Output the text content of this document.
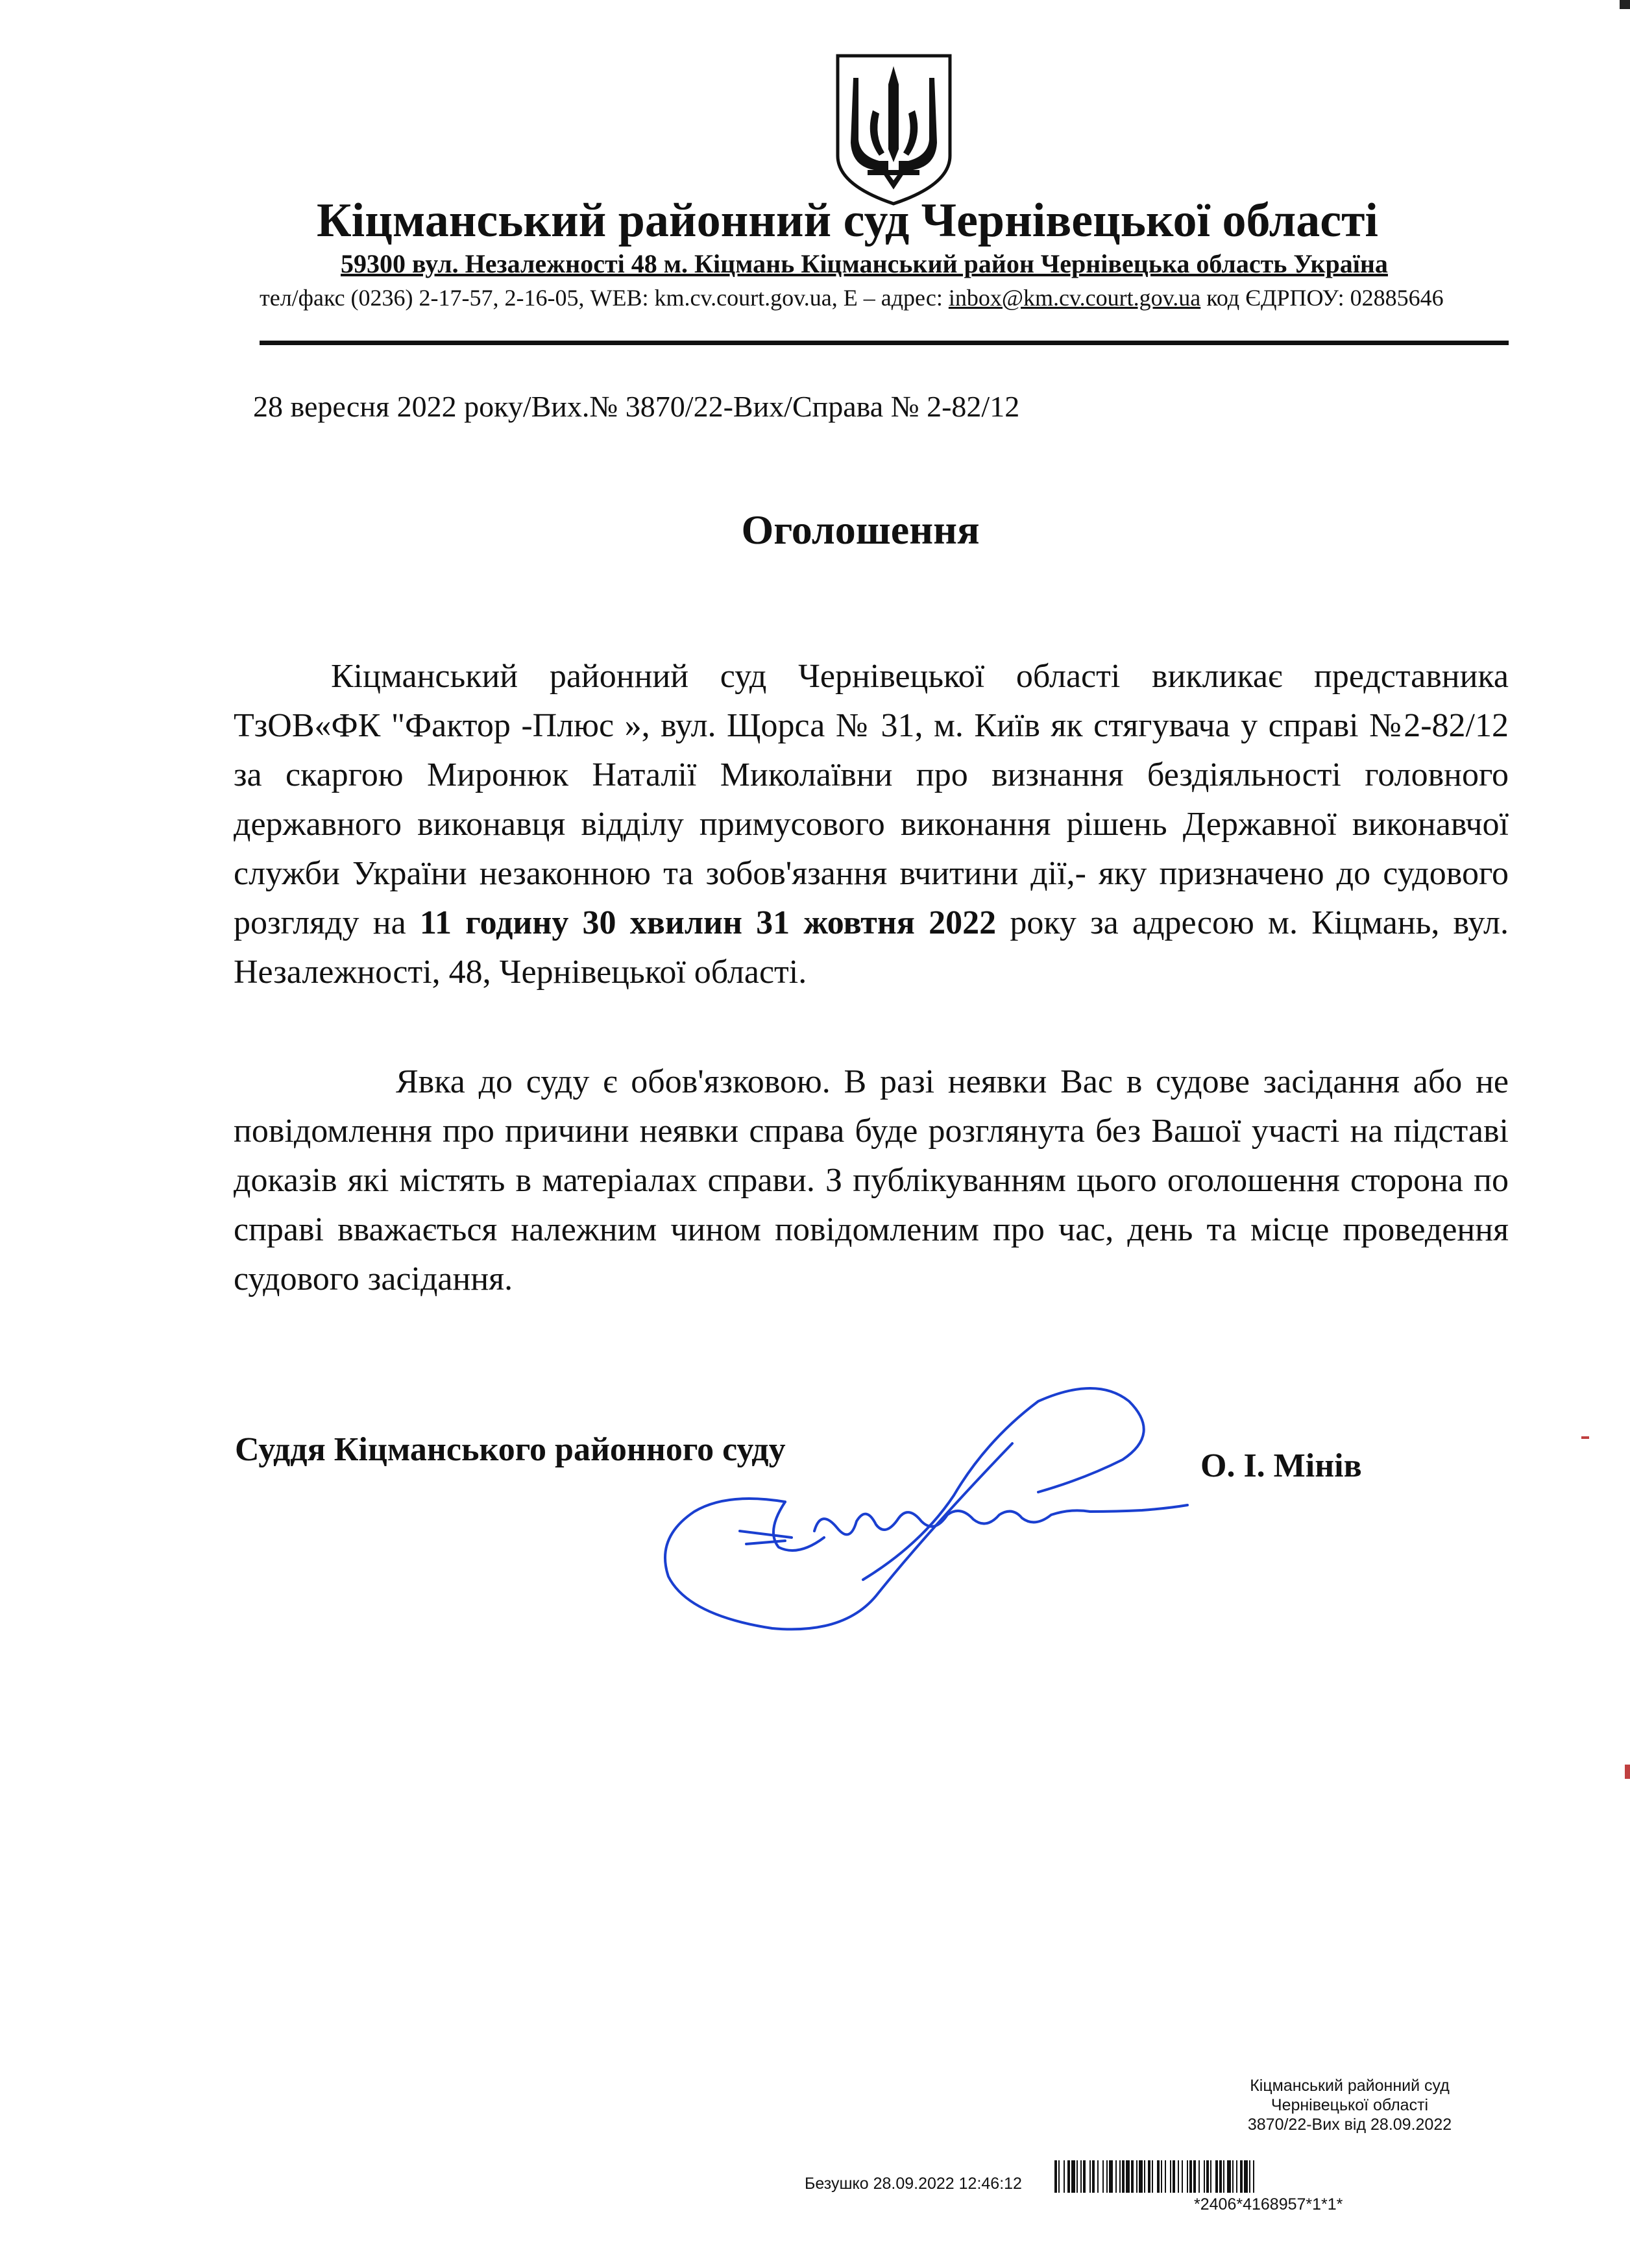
Кіцманський районний суд Чернівецької області
59300 вул. Незалежності 48 м. Кіцмань Кіцманський район Чернівецька область Україна
тел/факс (0236) 2-17-57, 2-16-05, WEB: km.cv.court.gov.ua, E – адрес: inbox@km.cv.court.gov.ua код ЄДРПОУ: 02885646
28 вересня 2022 року/Вих.№ 3870/22-Вих/Справа № 2-82/12
Оголошення
Кіцманський районний суд Чернівецької області викликає представника ТзОВ«ФК "Фактор -Плюс », вул. Щорса № 31, м. Київ як стягувача у справі №2-82/12 за скаргою Миронюк Наталії Миколаївни про визнання бездіяльності головного державного виконавця відділу примусового виконання рішень Державної виконавчої служби України незаконною та зобов'язання вчитини дії,- яку призначено до судового розгляду на 11 годину 30 хвилин 31 жовтня 2022 року за адресою м. Кіцмань, вул. Незалежності, 48, Чернівецької області.
Явка до суду є обов'язковою. В разі неявки Вас в судове засідання або не повідомлення про причини неявки справа буде розглянута без Вашої участі на підставі доказів які містять в матеріалах справи. З публікуванням цього оголошення сторона по справі вважається належним чином повідомленим про час, день та місце проведення судового засідання.
Суддя Кіцманського районного суду	О. І. Мінів
Кіцманський районний суд
Чернівецької області
3870/22-Вих від 28.09.2022
Безушко 28.09.2022 12:46:12
*2406*4168957*1*1*
